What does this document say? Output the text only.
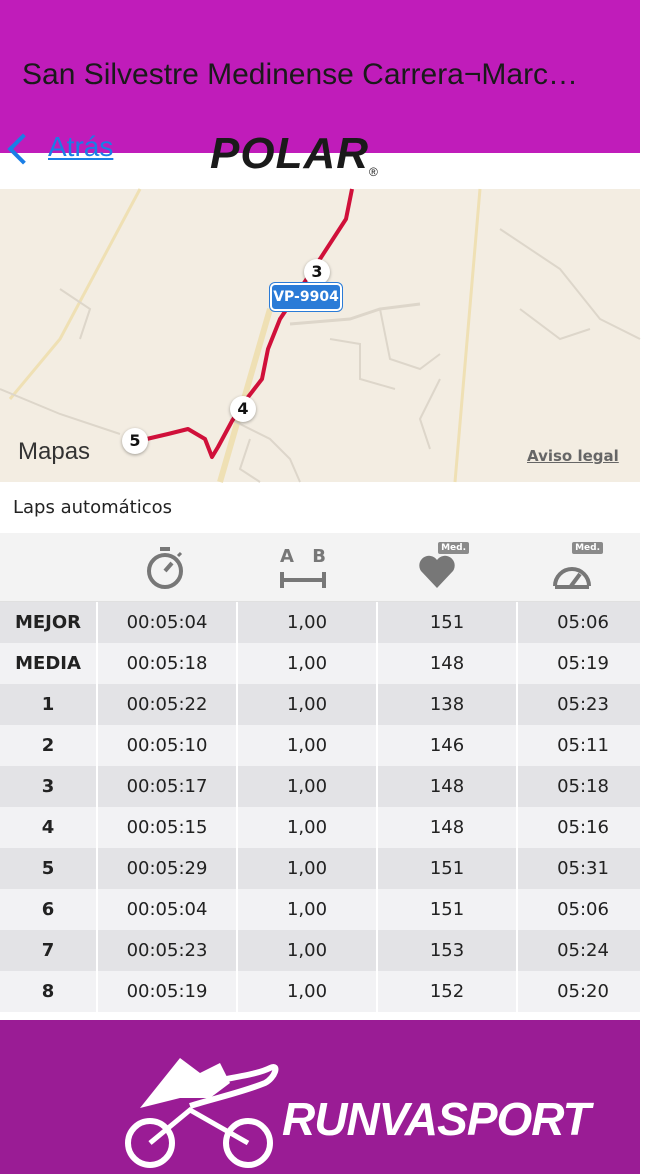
San Silvestre Medinense Carrera¬Marc…
Atrás POLAR®
3
4
5
VP-9904
Mapas	Aviso legal
Laps automáticos
A B	Med.	Med.
MEJOR	00:05:04	1,00	151	05:06
MEDIA	00:05:18	1,00	148	05:19
1	00:05:22	1,00	138	05:23
2	00:05:10	1,00	146	05:11
3	00:05:17	1,00	148	05:18
4	00:05:15	1,00	148	05:16
5	00:05:29	1,00	151	05:31
6	00:05:04	1,00	151	05:06
7	00:05:23	1,00	153	05:24
8	00:05:19	1,00	152	05:20
RUNVASPORT
